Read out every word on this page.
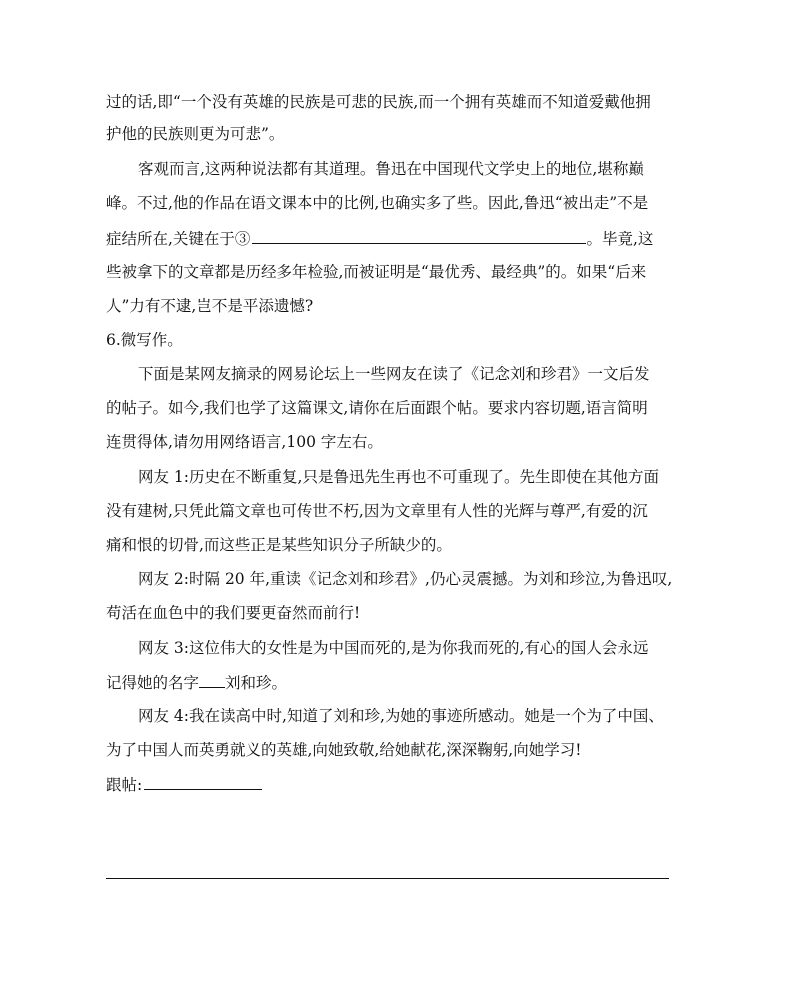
过的话,即“一个没有英雄的民族是可悲的民族,而一个拥有英雄而不知道爱戴他拥
护他的民族则更为可悲”。
客观而言,这两种说法都有其道理。鲁迅在中国现代文学史上的地位,堪称巅
峰。不过,他的作品在语文课本中的比例,也确实多了些。因此,鲁迅“被出走”不是
症结所在,关键在于③	。毕竟,这
些被拿下的文章都是历经多年检验,而被证明是“最优秀、最经典”的。如果“后来
人”力有不逮,岂不是平添遗憾?
6.微写作。
下面是某网友摘录的网易论坛上一些网友在读了《记念刘和珍君》一文后发
的帖子。如今,我们也学了这篇课文,请你在后面跟个帖。要求内容切题,语言简明
连贯得体,请勿用网络语言,100 字左右。
网友 1:历史在不断重复,只是鲁迅先生再也不可重现了。先生即使在其他方面
没有建树,只凭此篇文章也可传世不朽,因为文章里有人性的光辉与尊严,有爱的沉
痛和恨的切骨,而这些正是某些知识分子所缺少的。
网友 2:时隔 20 年,重读《记念刘和珍君》,仍心灵震撼。为刘和珍泣,为鲁迅叹,
苟活在血色中的我们要更奋然而前行!
网友 3:这位伟大的女性是为中国而死的,是为你我而死的,有心的国人会永远
记得她的名字 刘和珍。
网友 4:我在读高中时,知道了刘和珍,为她的事迹所感动。她是一个为了中国、
为了中国人而英勇就义的英雄,向她致敬,给她献花,深深鞠躬,向她学习!
跟帖:
